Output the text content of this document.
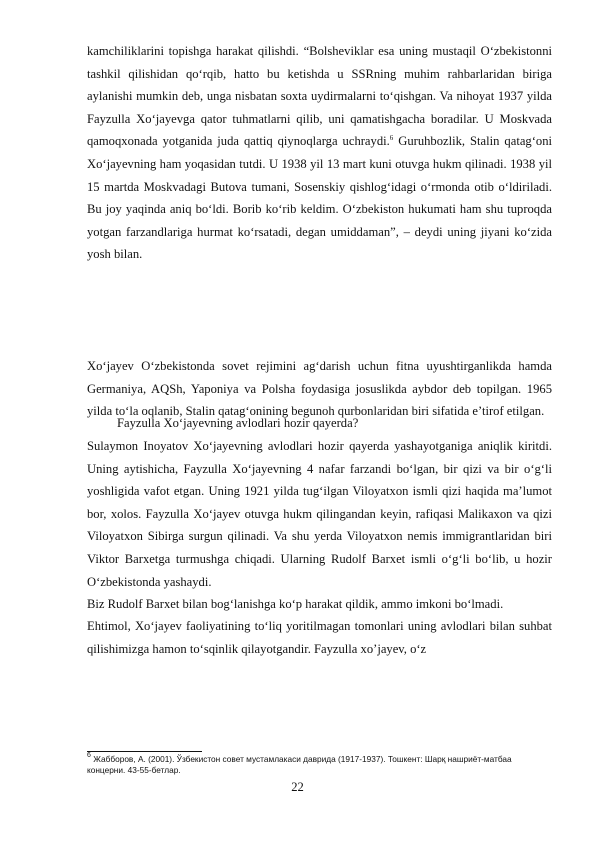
kamchiliklarini topishga harakat qilishdi. “Bolsheviklar esa uning mustaqil O‘zbekistonni tashkil qilishidan qo‘rqib, hatto bu ketishda u SSRning muhim rahbarlaridan biriga aylanishi mumkin deb, unga nisbatan soxta uydirmalarni to‘qishgan. Va nihoyat 1937 yilda Fayzulla Xo‘jayevga qator tuhmatlarni qilib, uni qamatishgacha boradilar. U Moskvada qamoqxonada yotganida juda qattiq qiynoqlarga uchraydi.$^6$ Guruhbozlik, Stalin qatag‘oni Xo‘jayevning ham yoqasidan tutdi. U 1938 yil 13 mart kuni otuvga hukm qilinadi. 1938 yil 15 martda Moskvadagi Butova tumani, Sosenskiy qishlog‘idagi o‘rmonda otib o‘ldiriladi. Bu joy yaqinda aniq bo‘ldi. Borib ko‘rib keldim. O‘zbekiston hukumati ham shu tuproqda yotgan farzandlariga hurmat ko‘rsatadi, degan umiddaman”, – deydi uning jiyani ko‘zida yosh bilan.

Xo‘jayev O‘zbekistonda sovet rejimini ag‘darish uchun fitna uyushtirganlikda hamda Germaniya, AQSh, Yaponiya va Polsha foydasiga josuslikda aybdor deb topilgan. 1965 yilda to‘la oqlanib, Stalin qatag‘onining begunoh qurbonlaridan biri sifatida e’tirof etilgan.

Fayzulla Xo‘jayevning avlodlari hozir qayerda?

Sulaymon Inoyatov Xo‘jayevning avlodlari hozir qayerda yashayotganiga aniqlik kiritdi. Uning aytishicha, Fayzulla Xo‘jayevning 4 nafar farzandi bo‘lgan, bir qizi va bir o‘g‘li yoshligida vafot etgan. Uning 1921 yilda tug‘ilgan Viloyatxon ismli qizi haqida ma’lumot bor, xolos. Fayzulla Xo‘jayev otuvga hukm qilingandan keyin, rafiqasi Malikaxon va qizi Viloyatxon Sibirga surgun qilinadi. Va shu yerda Viloyatxon nemis immigrantlaridan biri Viktor Barxetga turmushga chiqadi. Ularning Rudolf Barxet ismli o‘g‘li bo‘lib, u hozir O‘zbekistonda yashaydi.

Biz Rudolf Barxet bilan bog‘lanishga ko‘p harakat qildik, ammo imkoni bo‘lmadi.

Ehtimol, Xo‘jayev faoliyatining to‘liq yoritilmagan tomonlari uning avlodlari bilan suhbat qilishimizga hamon to‘sqinlik qilayotgandir. Fayzulla xo’jayev, o‘z

$^6$ Жабборов, А. (2001). Ўзбекистон совет мустамлакаси даврида (1917-1937). Тошкент: Шарқ нашриёт-матбаа концерни. 43-55-бетлар.

22
